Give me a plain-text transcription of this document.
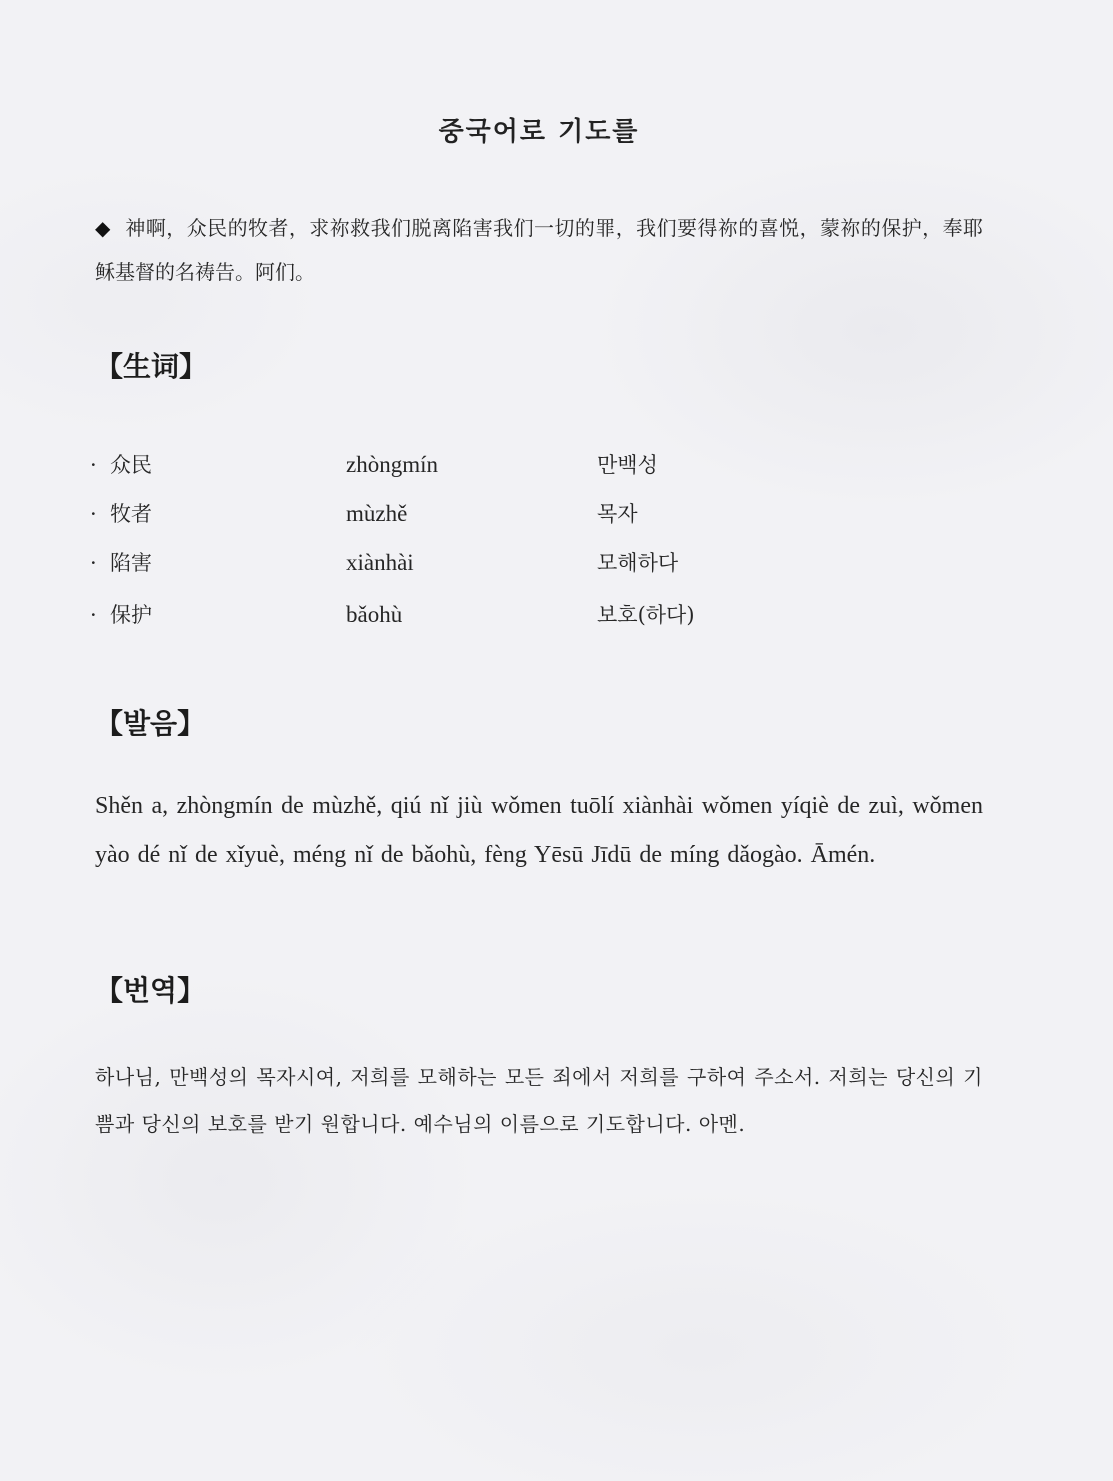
중국어로 기도를
◆ 神啊，众民的牧者，求祢救我们脱离陷害我们一切的罪，我们要得祢的喜悦，蒙祢的保护，奉耶稣基督的名祷告。阿们。
【生词】
· 众民	zhòngmín	만백성
· 牧者	mùzhě	목자
· 陷害	xiànhài	모해하다
· 保护	bǎohù	보호(하다)
【발음】
Shěn a, zhòngmín de mùzhě, qiú nǐ jiù wǒmen tuōlí xiànhài wǒmen yíqiè de zuì, wǒmen yào dé nǐ de xǐyuè, méng nǐ de bǎohù, fèng Yēsū Jīdū de míng dǎogào. Āmén.
【번역】
하나님, 만백성의 목자시여, 저희를 모해하는 모든 죄에서 저희를 구하여 주소서. 저희는 당신의 기쁨과 당신의 보호를 받기 원합니다. 예수님의 이름으로 기도합니다. 아멘.
